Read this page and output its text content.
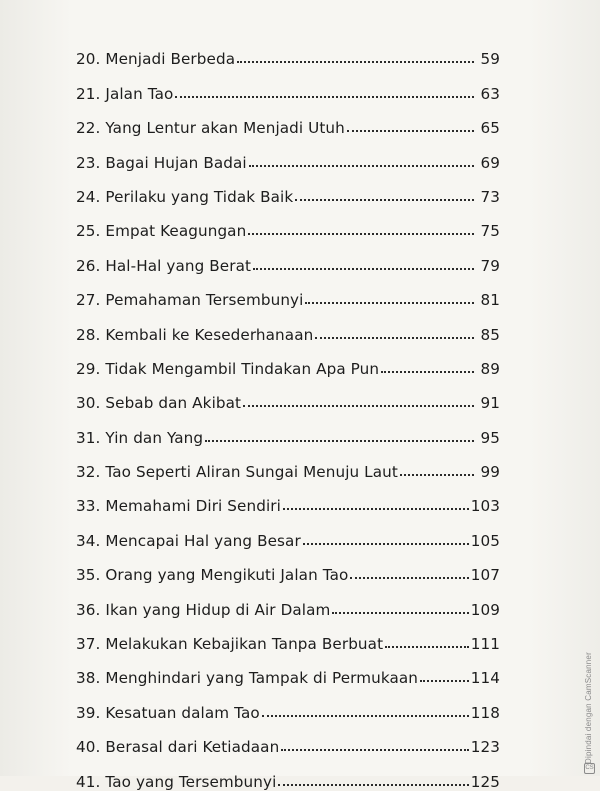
20. Menjadi Berbeda	59
21. Jalan Tao	63
22. Yang Lentur akan Menjadi Utuh	65
23. Bagai Hujan Badai	69
24. Perilaku yang Tidak Baik	73
25. Empat Keagungan	75
26. Hal-Hal yang Berat	79
27. Pemahaman Tersembunyi	81
28. Kembali ke Kesederhanaan	85
29. Tidak Mengambil Tindakan Apa Pun	89
30. Sebab dan Akibat	91
31. Yin dan Yang	95
32. Tao Seperti Aliran Sungai Menuju Laut	99
33. Memahami Diri Sendiri	103
34. Mencapai Hal yang Besar	105
35. Orang yang Mengikuti Jalan Tao	107
36. Ikan yang Hidup di Air Dalam	109
37. Melakukan Kebajikan Tanpa Berbuat	111
38. Menghindari yang Tampak di Permukaan	114
39. Kesatuan dalam Tao	118
40. Berasal dari Ketiadaan	123
41. Tao yang Tersembunyi	125
Dipindai dengan CamScanner
CS
